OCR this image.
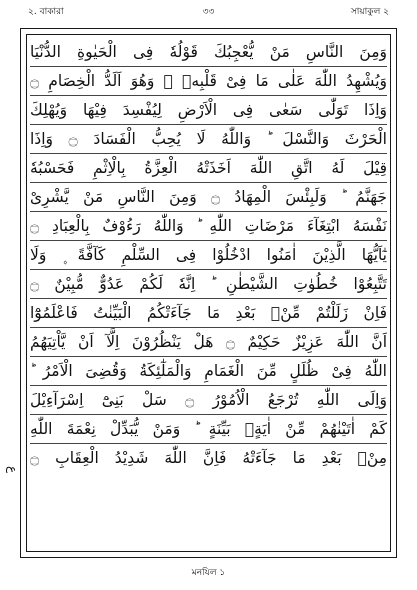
২. বাকারা	৩৩	সায়াকুল ২
ع
وَمِنَ النَّاسِ مَنْ يُّعْجِبُكَ قَوْلُهٗ فِى الْحَيٰوةِ الدُّنْيَا
وَيُشْهِدُ اللّٰهَ عَلٰى مَا فِىْ قَلْبِهٖ ۙ وَهُوَ اَلَدُّ الْخِصَامِ ۝
وَاِذَا تَوَلّٰى سَعٰى فِى الْاَرْضِ لِيُفْسِدَ فِيْهَا وَيُهْلِكَ
الْحَرْثَ وَالنَّسْلَ ؕ وَاللّٰهُ لَا يُحِبُّ الْفَسَادَ ۝ وَاِذَا
قِيْلَ لَهُ اتَّقِ اللّٰهَ اَخَذَتْهُ الْعِزَّةُ بِالْاِثْمِ فَحَسْبُهٗ
جَهَنَّمُ ؕ وَلَبِئْسَ الْمِهَادُ ۝ وَمِنَ النَّاسِ مَنْ يَّشْرِىْ
نَفْسَهُ ابْتِغَآءَ مَرْضَاتِ اللّٰهِ ؕ وَاللّٰهُ رَءُوْفٌ بِالْعِبَادِ ۝
يٰٓاَيُّهَا الَّذِيْنَ اٰمَنُوا ادْخُلُوْا فِى السِّلْمِ كَآفَّةً ۪ وَلَا
تَتَّبِعُوْا خُطُوٰتِ الشَّيْطٰنِ ؕ اِنَّهٗ لَكُمْ عَدُوٌّ مُّبِيْنٌ ۝
فَاِنْ زَلَلْتُمْ مِّنْۢ بَعْدِ مَا جَآءَتْكُمُ الْبَيِّنٰتُ فَاعْلَمُوْٓا
اَنَّ اللّٰهَ عَزِيْزٌ حَكِيْمٌ ۝ هَلْ يَنْظُرُوْنَ اِلَّآ اَنْ يَّاْتِيَهُمُ
اللّٰهُ فِىْ ظُلَلٍ مِّنَ الْغَمَامِ وَالْمَلٰٓئِكَةُ وَقُضِىَ الْاَمْرُ ؕ
وَاِلَى اللّٰهِ تُرْجَعُ الْاُمُوْرُ ۝ سَلْ بَنِىْٓ اِسْرَآءِيْلَ
كَمْ اٰتَيْنٰهُمْ مِّنْ اٰيَةٍۢ بَيِّنَةٍ ؕ وَمَنْ يُّبَدِّلْ نِعْمَةَ اللّٰهِ
مِنْۢ بَعْدِ مَا جَآءَتْهُ فَاِنَّ اللّٰهَ شَدِيْدُ الْعِقَابِ ۝
মনযিল ১
